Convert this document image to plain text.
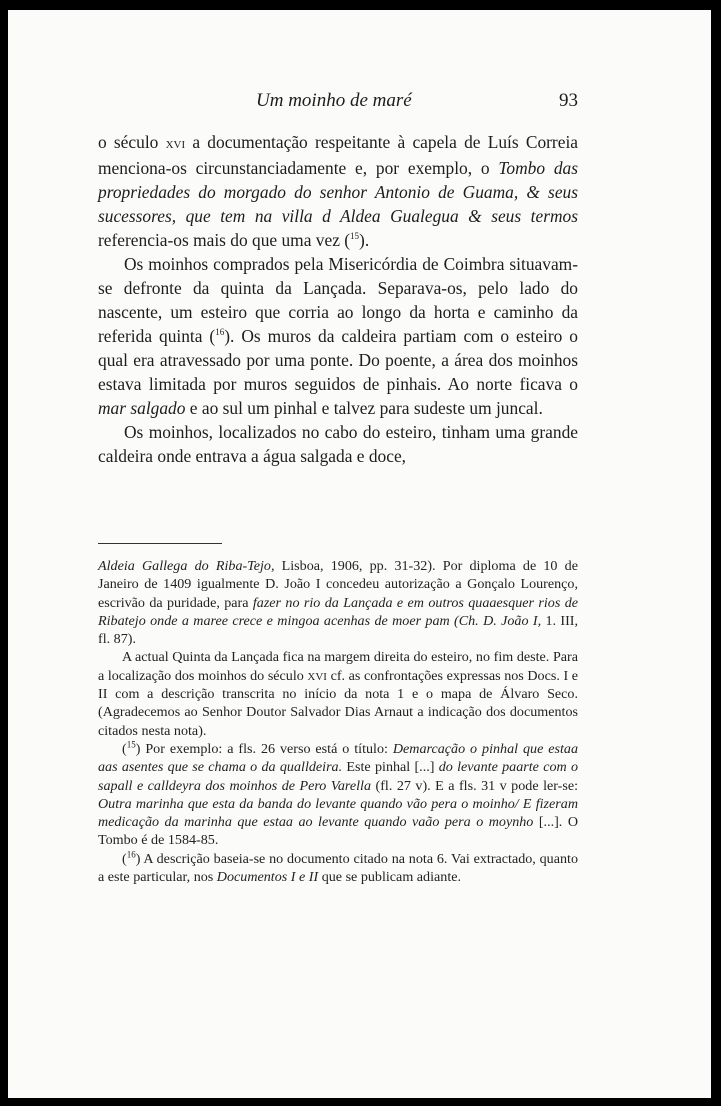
Um moinho de maré	93

o século xvi a documentação respeitante à capela de Luís Correia menciona-os circunstanciadamente e, por exemplo, o Tombo das propriedades do morgado do senhor Antonio de Guama, & seus sucessores, que tem na villa d Aldea Gualegua & seus termos referencia-os mais do que uma vez ($^{15}$).

Os moinhos comprados pela Misericórdia de Coimbra situavam-se defronte da quinta da Lançada. Separava-os, pelo lado do nascente, um esteiro que corria ao longo da horta e caminho da referida quinta ($^{16}$). Os muros da caldeira partiam com o esteiro o qual era atravessado por uma ponte. Do poente, a área dos moinhos estava limitada por muros seguidos de pinhais. Ao norte ficava o mar salgado e ao sul um pinhal e talvez para sudeste um juncal.

Os moinhos, localizados no cabo do esteiro, tinham uma grande caldeira onde entrava a água salgada e doce,

Aldeia Gallega do Riba-Tejo, Lisboa, 1906, pp. 31-32). Por diploma de 10 de Janeiro de 1409 igualmente D. João I concedeu autorização a Gonçalo Lourenço, escrivão da puridade, para fazer no rio da Lançada e em outros quaaesquer rios de Ribatejo onde a maree crece e mingoa acenhas de moer pam (Ch. D. João I, 1. III, fl. 87).

A actual Quinta da Lançada fica na margem direita do esteiro, no fim deste. Para a localização dos moinhos do século xvi cf. as confrontações expressas nos Docs. I e II com a descrição transcrita no início da nota 1 e o mapa de Álvaro Seco. (Agradecemos ao Senhor Doutor Salvador Dias Arnaut a indicação dos documentos citados nesta nota).

($^{15}$) Por exemplo: a fls. 26 verso está o título: Demarcação o pinhal que estaa aas asentes que se chama o da qualldeira. Este pinhal [...] do levante paarte com o sapall e calldeyra dos moinhos de Pero Varella (fl. 27 v). E a fls. 31 v pode ler-se: Outra marinha que esta da banda do levante quando vão pera o moinho/ E fizeram medicação da marinha que estaa ao levante quando vaão pera o moynho [...]. O Tombo é de 1584-85.

($^{16}$) A descrição baseia-se no documento citado na nota 6. Vai extractado, quanto a este particular, nos Documentos I e II que se publicam adiante.
